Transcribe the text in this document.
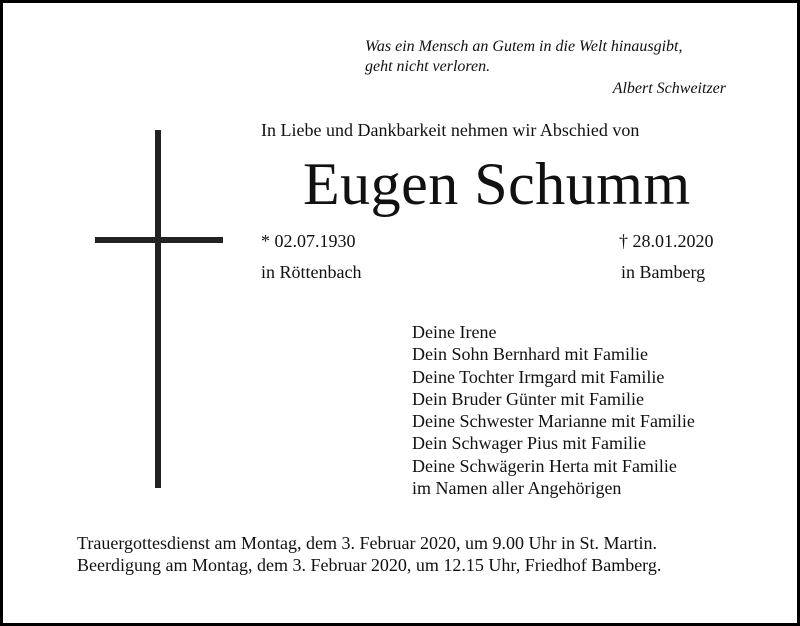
Was ein Mensch an Gutem in die Welt hinausgibt,
geht nicht verloren.
Albert Schweitzer
In Liebe und Dankbarkeit nehmen wir Abschied von
Eugen Schumm
* 02.07.1930
in Röttenbach
† 28.01.2020
in Bamberg
Deine Irene
Dein Sohn Bernhard mit Familie
Deine Tochter Irmgard mit Familie
Dein Bruder Günter mit Familie
Deine Schwester Marianne mit Familie
Dein Schwager Pius mit Familie
Deine Schwägerin Herta mit Familie
im Namen aller Angehörigen
Trauergottesdienst am Montag, dem 3. Februar 2020, um 9.00 Uhr in St. Martin.
Beerdigung am Montag, dem 3. Februar 2020, um 12.15 Uhr, Friedhof Bamberg.
